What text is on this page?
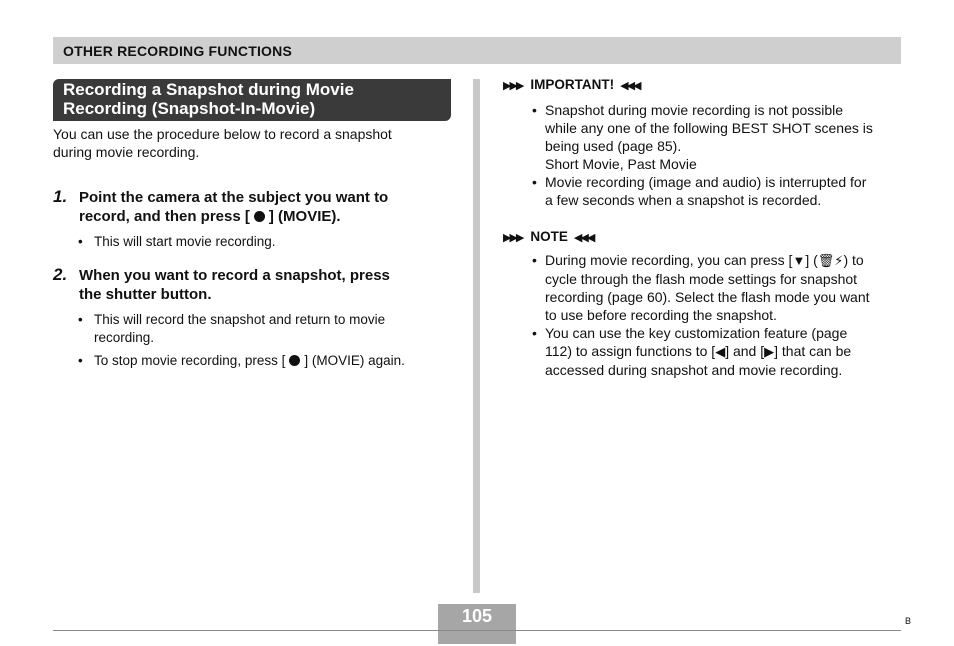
OTHER RECORDING FUNCTIONS
Recording a Snapshot during Movie
Recording (Snapshot-In-Movie)
You can use the procedure below to record a snapshot
during movie recording.
1. Point the camera at the subject you want to
record, and then press [ ] (MOVIE).
• This will start movie recording.
2. When you want to record a snapshot, press
the shutter button.
• This will record the snapshot and return to movie
recording.
• To stop movie recording, press [ ] (MOVIE) again.
▶▶▶ IMPORTANT! ◀◀◀
• Snapshot during movie recording is not possible
while any one of the following BEST SHOT scenes is
being used (page 85).
Short Movie, Past Movie
• Movie recording (image and audio) is interrupted for
a few seconds when a snapshot is recorded.
▶▶▶ NOTE ◀◀◀
• During movie recording, you can press [▼] (🗑⚡) to
cycle through the flash mode settings for snapshot
recording (page 60). Select the flash mode you want
to use before recording the snapshot.
• You can use the key customization feature (page
112) to assign functions to [◀] and [▶] that can be
accessed during snapshot and movie recording.
105	B
